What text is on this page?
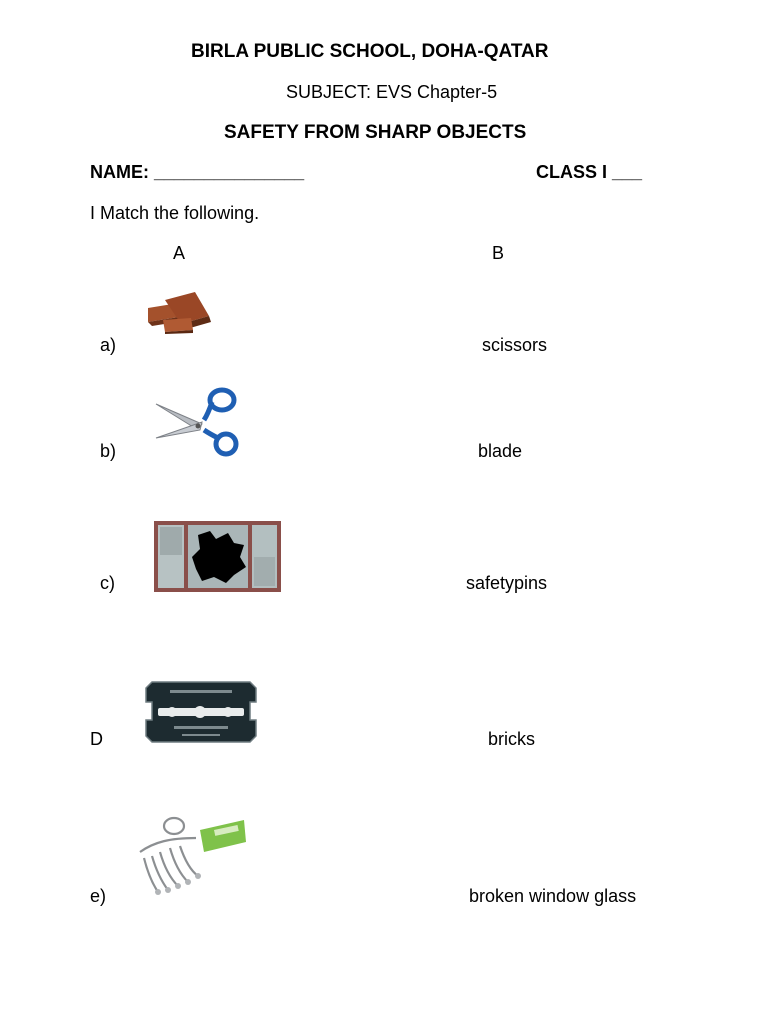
BIRLA PUBLIC SCHOOL, DOHA-QATAR
SUBJECT: EVS Chapter-5
SAFETY FROM SHARP OBJECTS
NAME: _______________	CLASS I ___
I Match the following.
A	B
a)	scissors
b)	blade
c)	safetypins
D	bricks
e)	broken window glass
